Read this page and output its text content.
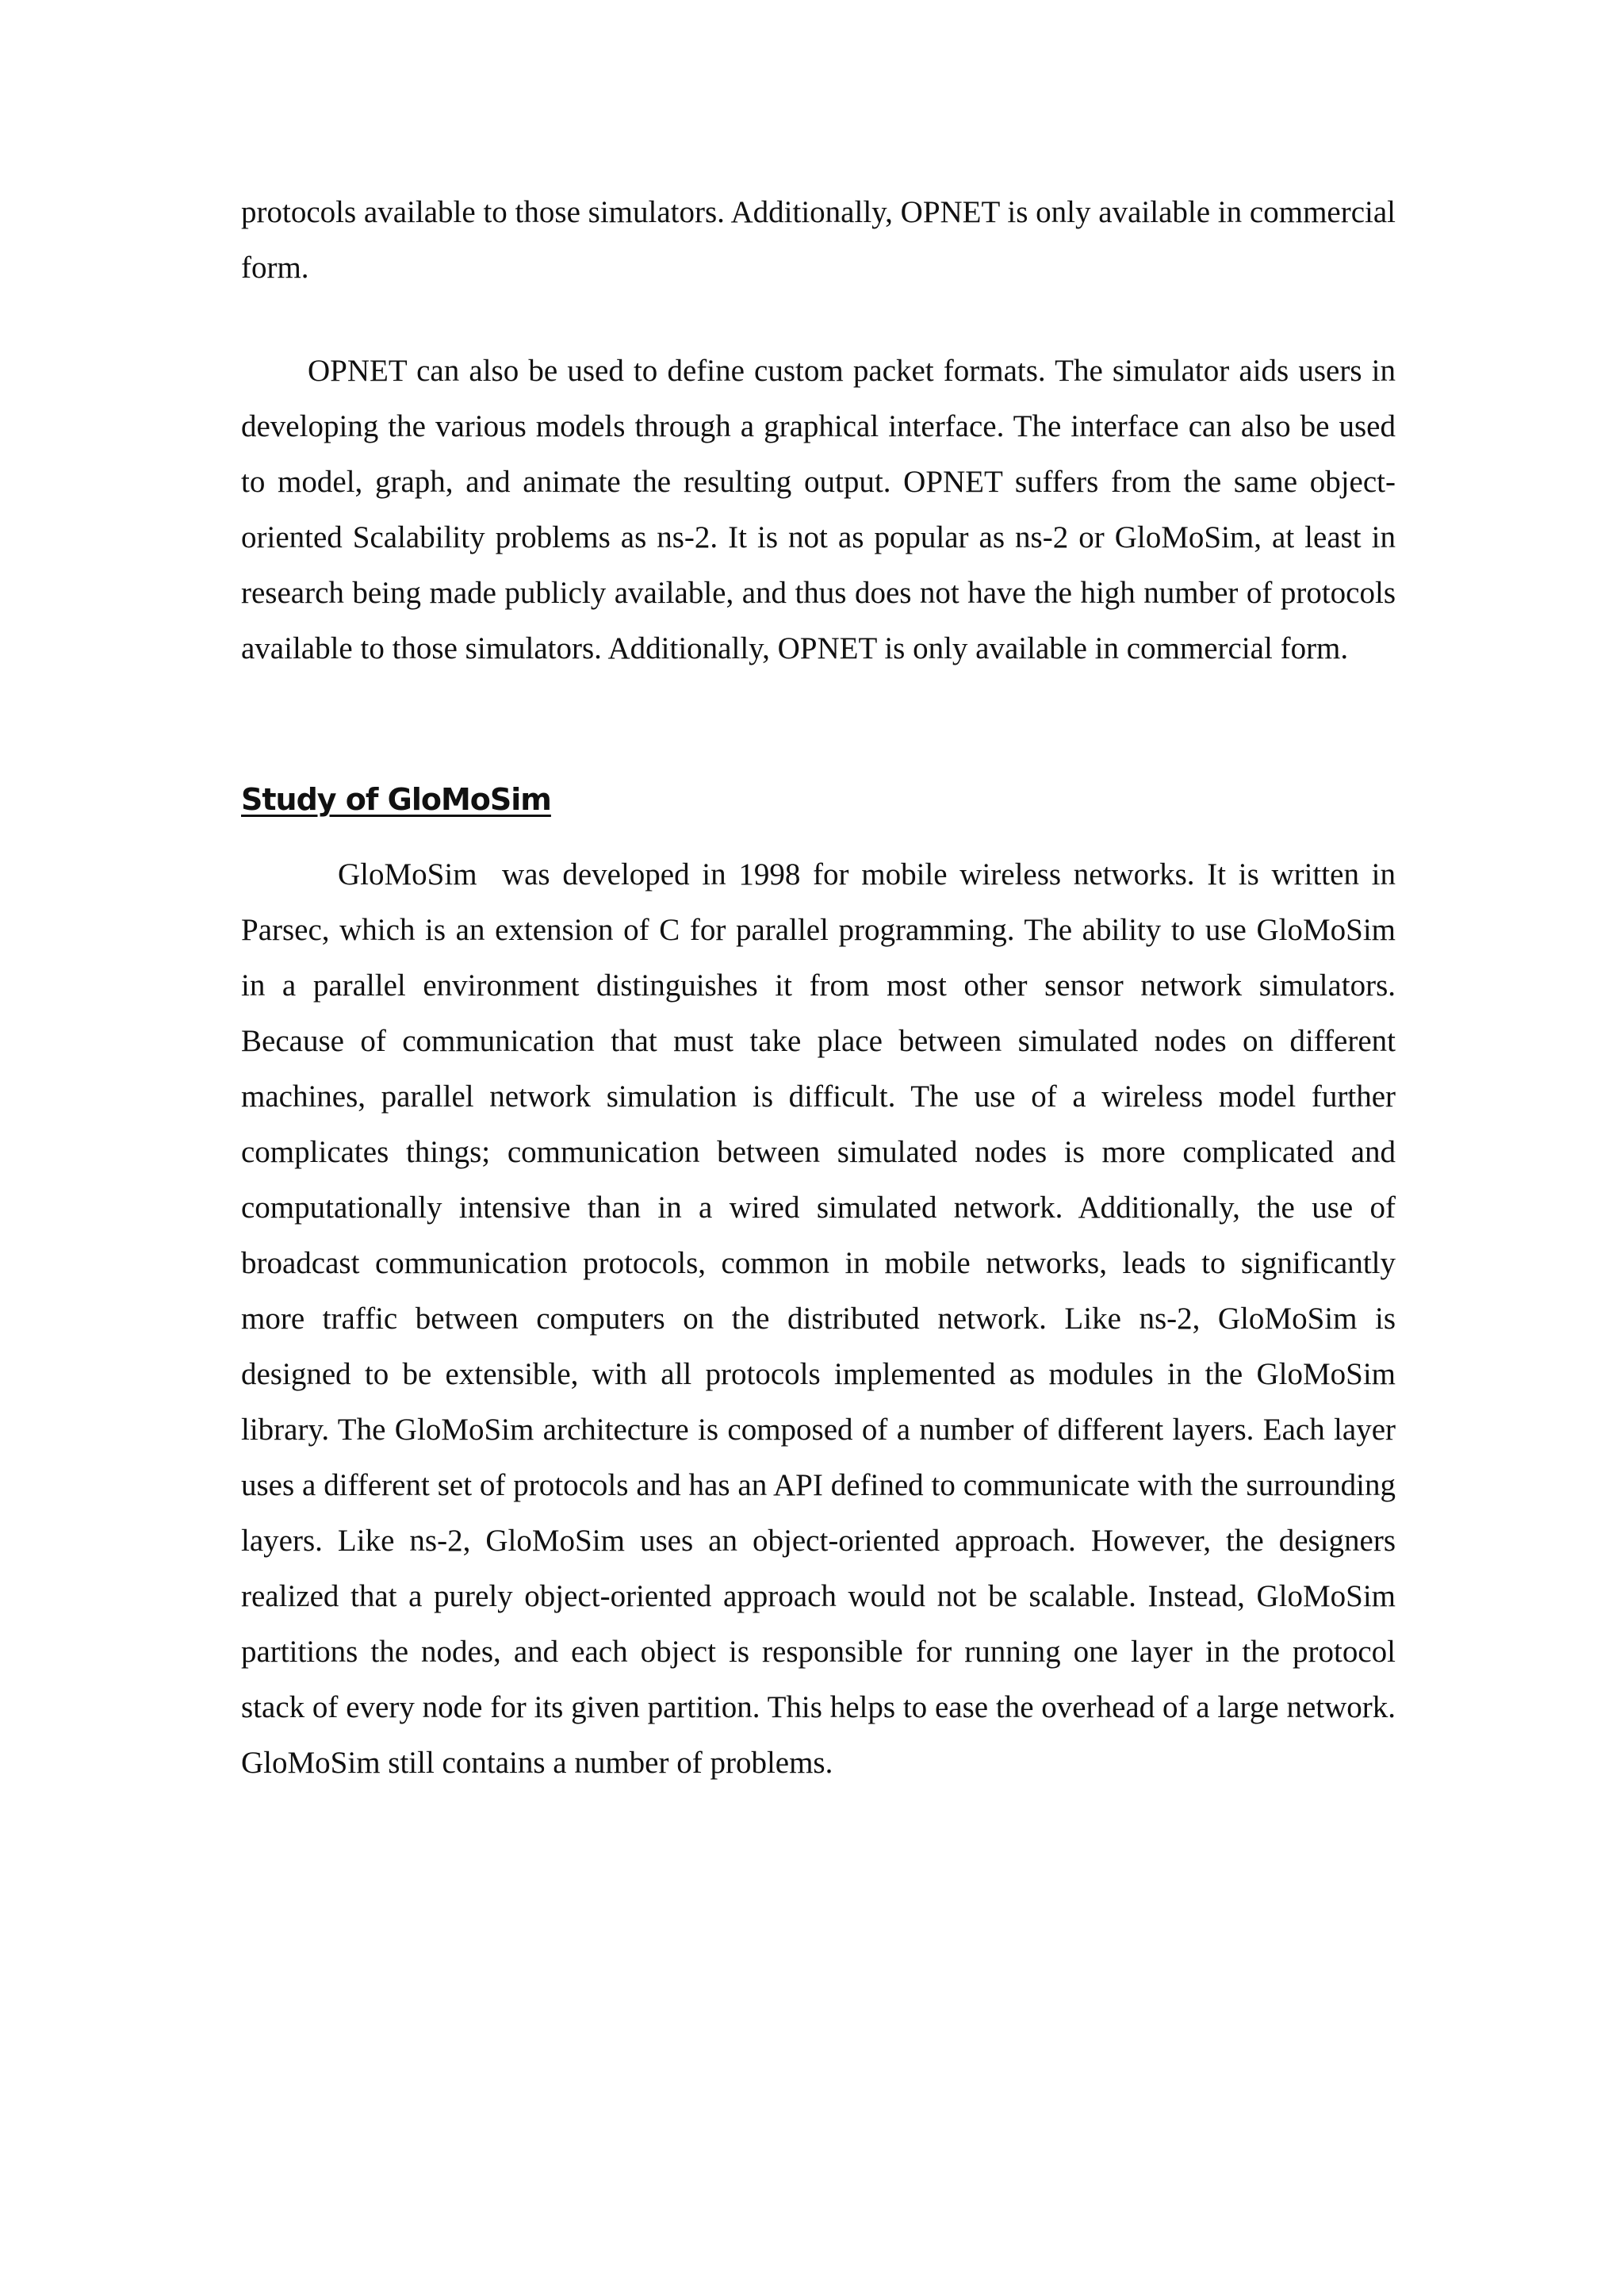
protocols available to those simulators. Additionally, OPNET is only available in commercial form.

OPNET can also be used to define custom packet formats. The simulator aids users in developing the various models through a graphical interface. The interface can also be used to model, graph, and animate the resulting output. OPNET suffers from the same object-oriented Scalability problems as ns-2. It is not as popular as ns-2 or GloMoSim, at least in research being made publicly available, and thus does not have the high number of protocols available to those simulators. Additionally, OPNET is only available in commercial form.

Study of GloMoSim

GloMoSim  was developed in 1998 for mobile wireless networks. It is written in Parsec, which is an extension of C for parallel programming. The ability to use GloMoSim in a parallel environment distinguishes it from most other sensor network simulators. Because of communication that must take place between simulated nodes on different machines, parallel network simulation is difficult. The use of a wireless model further complicates things; communication between simulated nodes is more complicated and computationally intensive than in a wired simulated network. Additionally, the use of broadcast communication protocols, common in mobile networks, leads to significantly more traffic between computers on the distributed network. Like ns-2, GloMoSim is designed to be extensible, with all protocols implemented as modules in the GloMoSim library. The GloMoSim architecture is composed of a number of different layers. Each layer uses a different set of protocols and has an API defined to communicate with the surrounding layers. Like ns-2, GloMoSim uses an object-oriented approach. However, the designers realized that a purely object-oriented approach would not be scalable. Instead, GloMoSim partitions the nodes, and each object is responsible for running one layer in the protocol stack of every node for its given partition. This helps to ease the overhead of a large network. GloMoSim still contains a number of problems.
